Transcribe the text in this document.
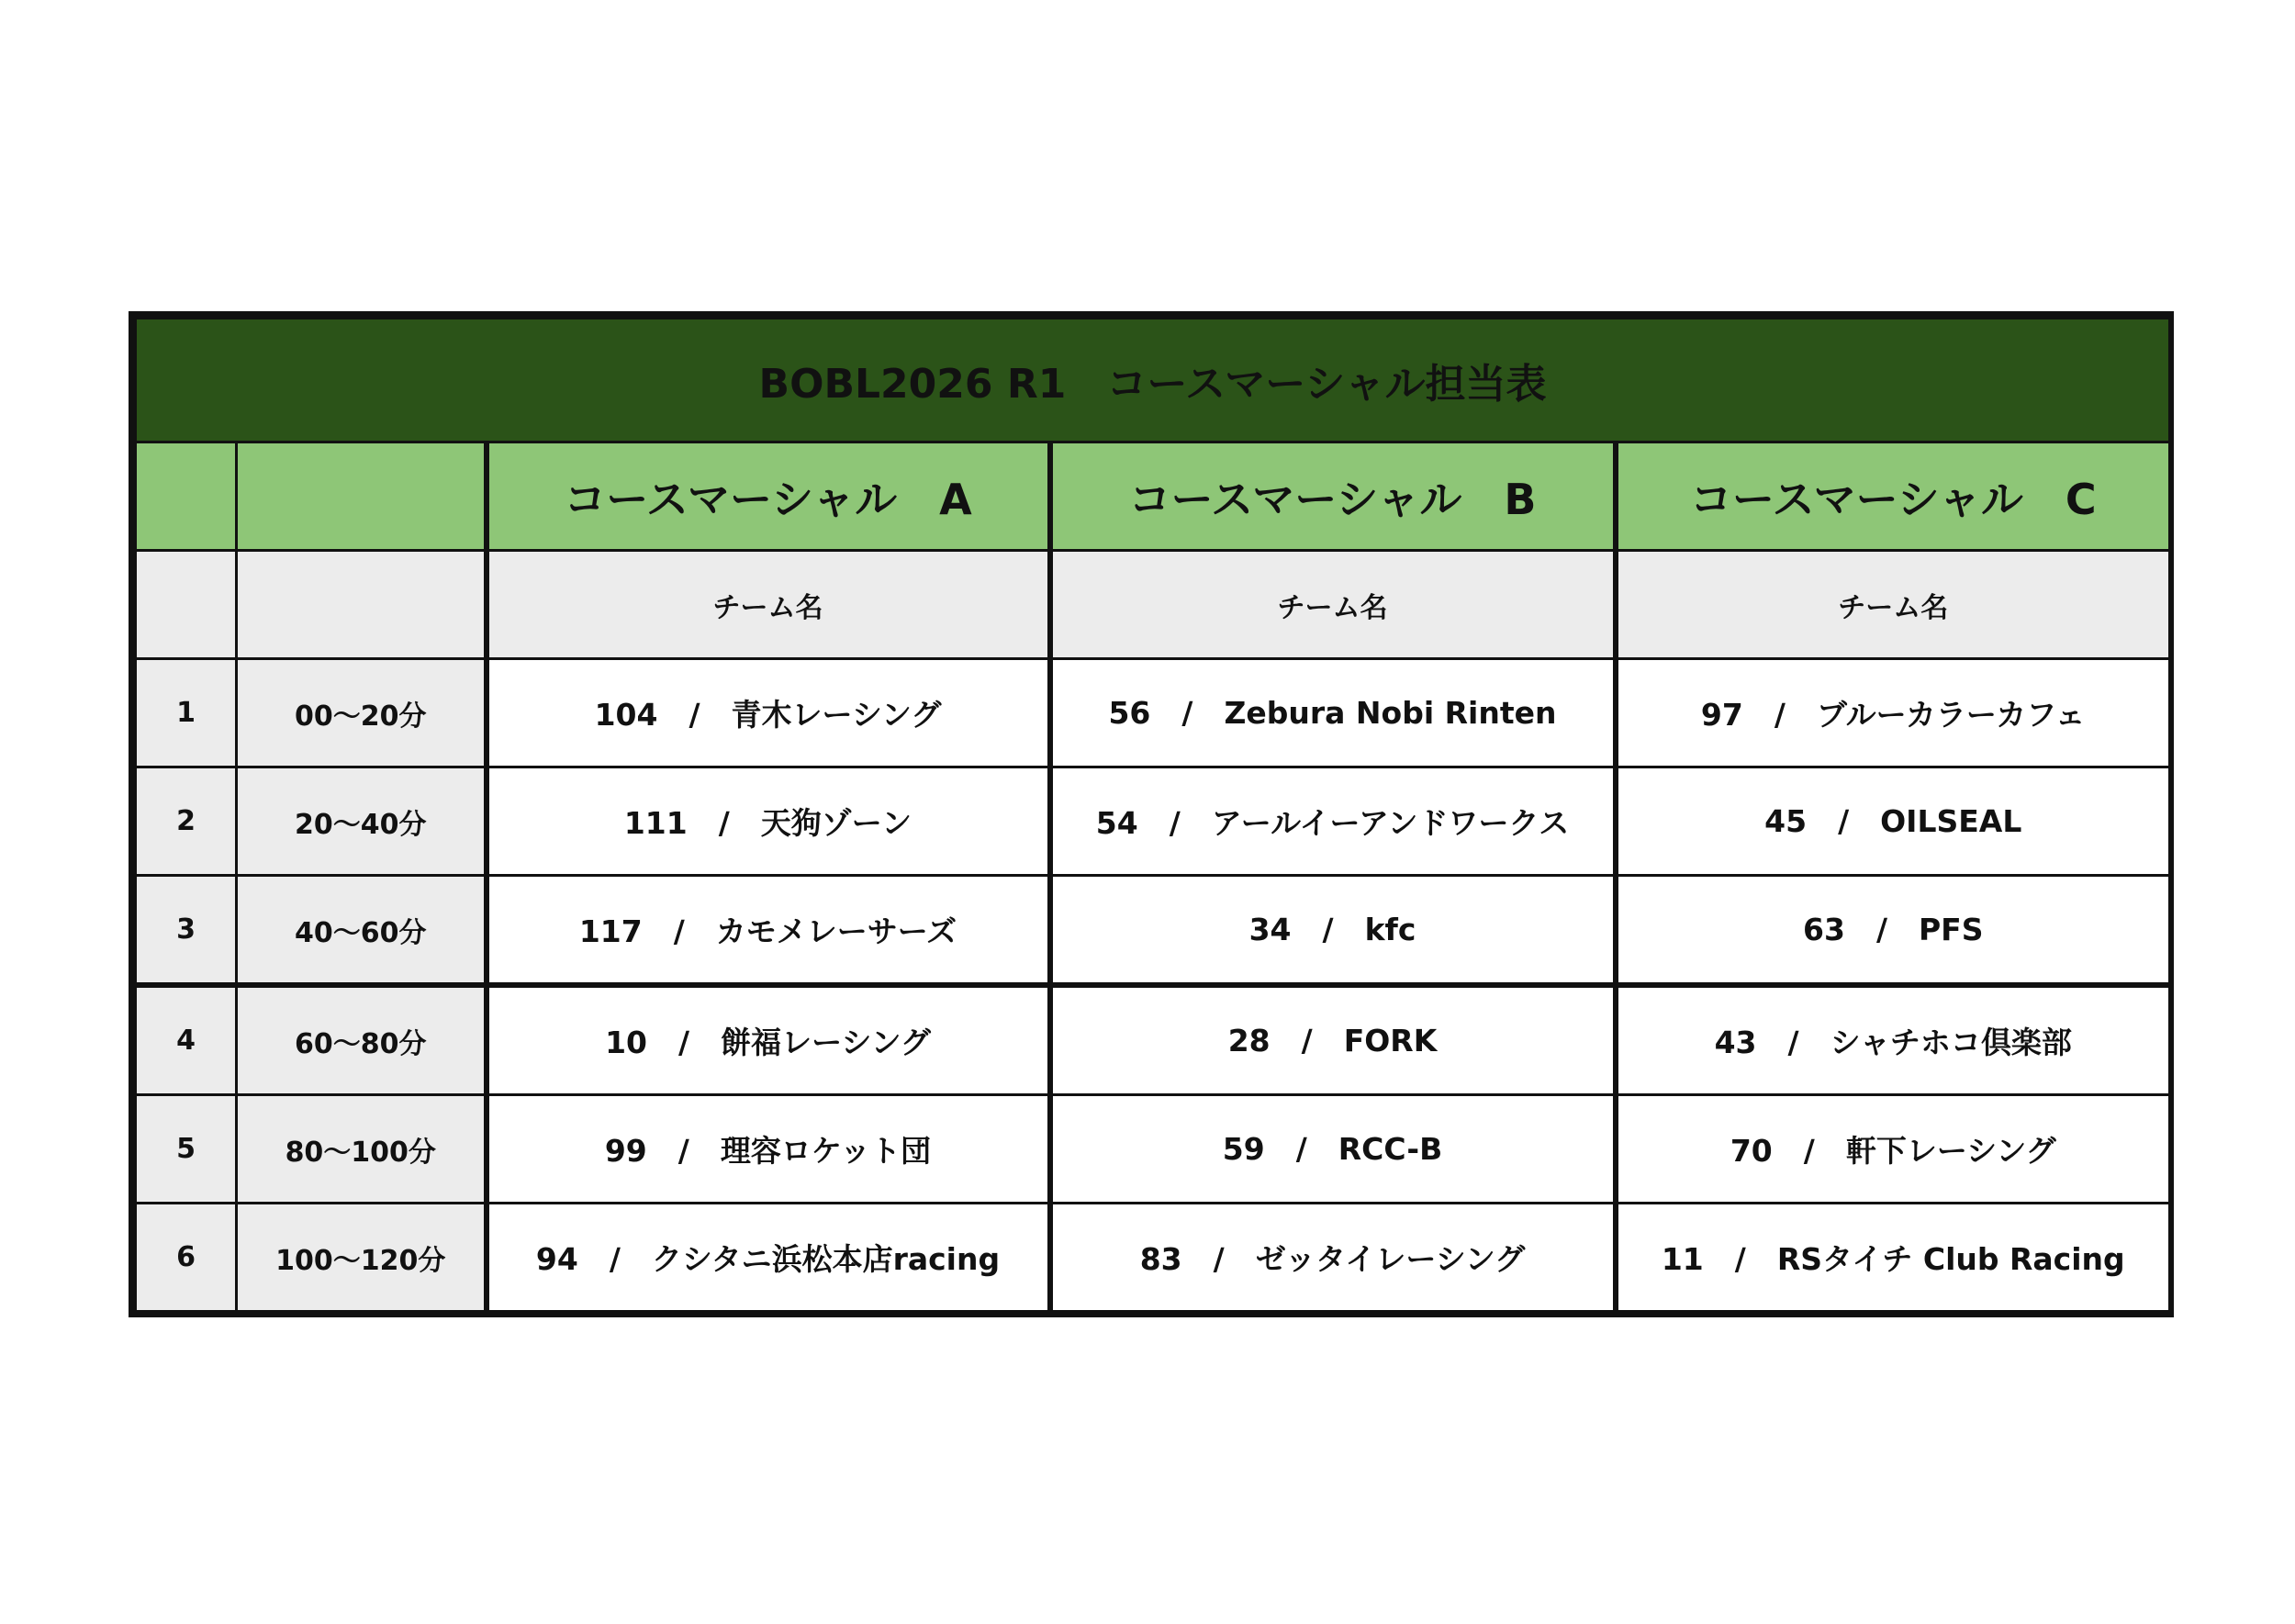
BOBL2026 R1　コースマーシャル担当表				
		コースマーシャル　A	コースマーシャル　B	コースマーシャル　C
		チーム名	チーム名	チーム名
1	00〜20分	104 / 青木レーシング	56 / Zebura Nobi Rinten	97 / ブルーカラーカフェ
2	20〜40分	111 / 天狗ゾーン	54 / アールイーアンドワークス	45 / OILSEAL
3	40〜60分	117 / カモメレーサーズ	34 / kfc	63 / PFS
4	60〜80分	10 / 餅福レーシング	28 / FORK	43 / シャチホコ倶楽部
5	80〜100分	99 / 理容ロケット団	59 / RCC-B	70 / 軒下レーシング
6	100〜120分	94 / クシタニ浜松本店racing	83 / ゼッタイレーシング	11 / RSタイチ Club Racing
